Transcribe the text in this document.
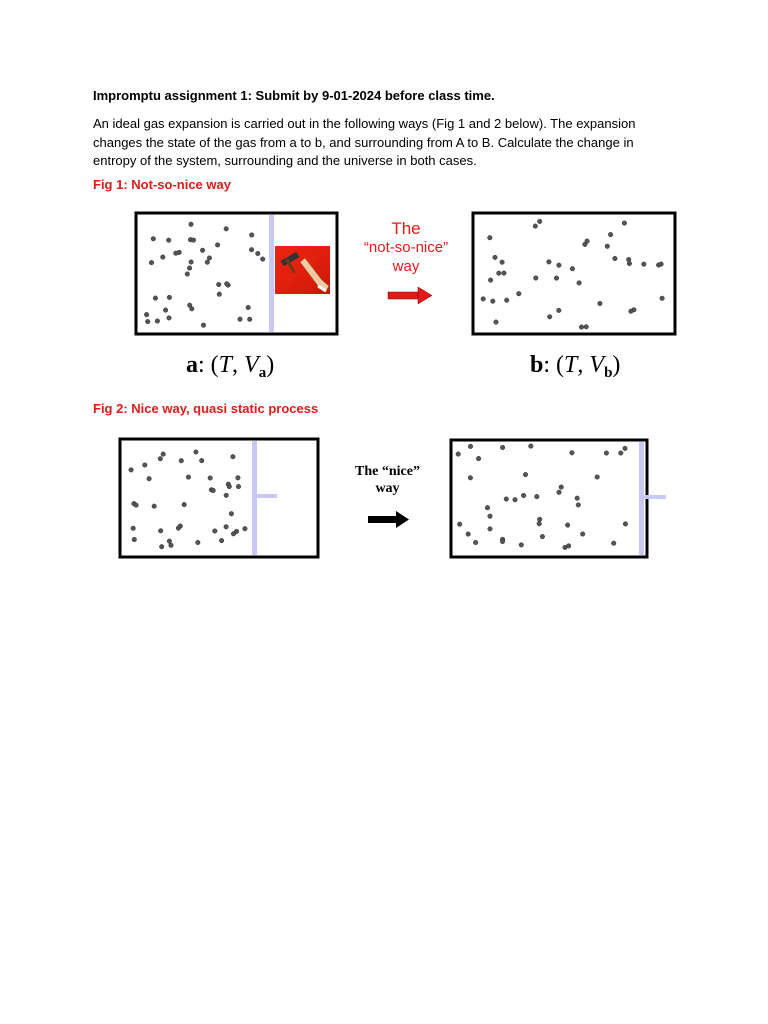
Impromptu assignment 1: Submit by 9-01-2024 before class time.
An ideal gas expansion is carried out in the following ways (Fig 1 and 2 below). The expansion changes the state of the gas from a to b, and surrounding from A to B. Calculate the change in entropy of the system, surrounding and the universe in both cases.
Fig 1: Not-so-nice way
Fig 2: Nice way, quasi static process
The
“not-so-nice”
way
a: (T, $V_a$)	b: (T, $V_b$)
The “nice”
way
